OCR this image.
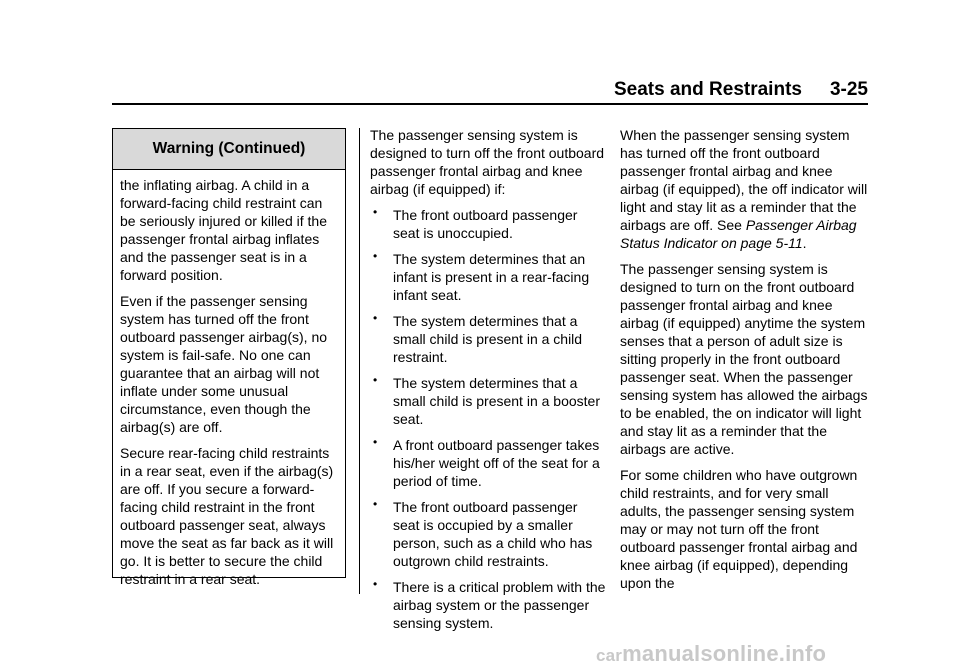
Seats and Restraints 3-25
Warning (Continued)

the inflating airbag. A child in a forward-facing child restraint can be seriously injured or killed if the passenger frontal airbag inflates and the passenger seat is in a forward position.

Even if the passenger sensing system has turned off the front outboard passenger airbag(s), no system is fail-safe. No one can guarantee that an airbag will not inflate under some unusual circumstance, even though the airbag(s) are off.

Secure rear-facing child restraints in a rear seat, even if the airbag(s) are off. If you secure a forward-facing child restraint in the front outboard passenger seat, always move the seat as far back as it will go. It is better to secure the child restraint in a rear seat.

The passenger sensing system is designed to turn off the front outboard passenger frontal airbag and knee airbag (if equipped) if:

• The front outboard passenger seat is unoccupied.
• The system determines that an infant is present in a rear-facing infant seat.
• The system determines that a small child is present in a child restraint.
• The system determines that a small child is present in a booster seat.
• A front outboard passenger takes his/her weight off of the seat for a period of time.
• The front outboard passenger seat is occupied by a smaller person, such as a child who has outgrown child restraints.
• There is a critical problem with the airbag system or the passenger sensing system.

When the passenger sensing system has turned off the front outboard passenger frontal airbag and knee airbag (if equipped), the off indicator will light and stay lit as a reminder that the airbags are off. See Passenger Airbag Status Indicator on page 5-11.

The passenger sensing system is designed to turn on the front outboard passenger frontal airbag and knee airbag (if equipped) anytime the system senses that a person of adult size is sitting properly in the front outboard passenger seat. When the passenger sensing system has allowed the airbags to be enabled, the on indicator will light and stay lit as a reminder that the airbags are active.

For some children who have outgrown child restraints, and for very small adults, the passenger sensing system may or may not turn off the front outboard passenger frontal airbag and knee airbag (if equipped), depending upon the

carmanualsonline.info
